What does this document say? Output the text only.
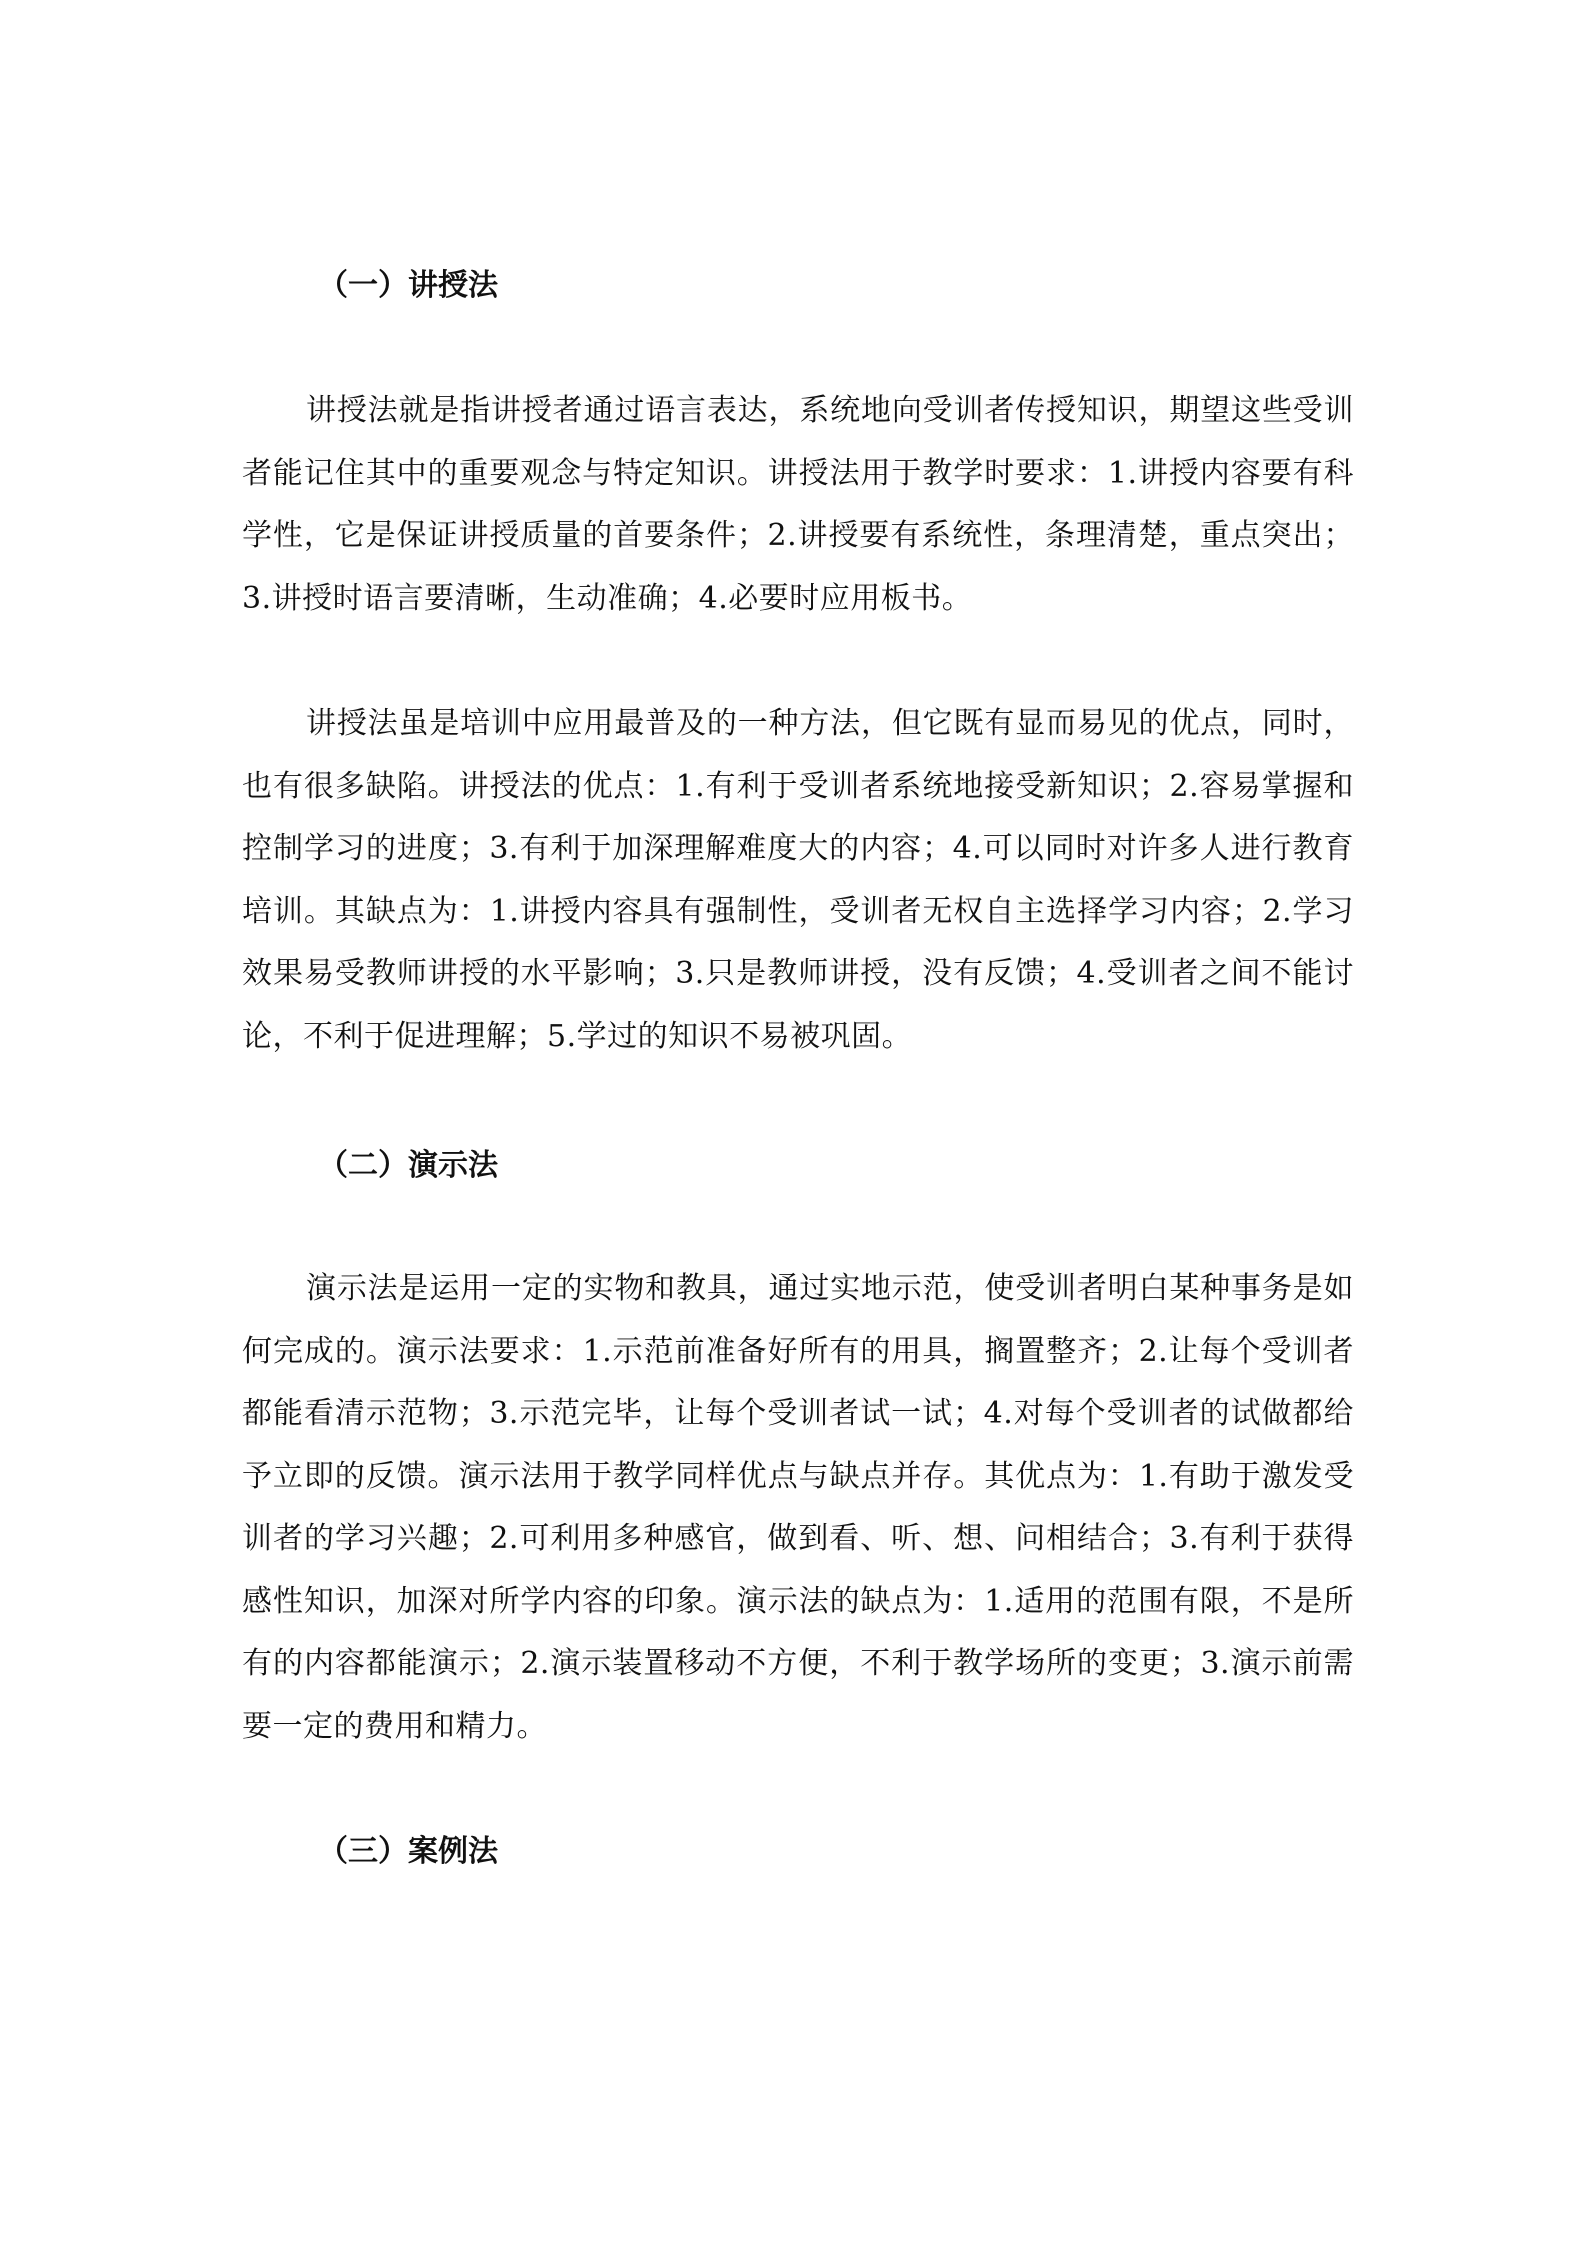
（一）讲授法

讲授法就是指讲授者通过语言表达，系统地向受训者传授知识，期望这些受训者能记住其中的重要观念与特定知识。讲授法用于教学时要求：1.讲授内容要有科学性，它是保证讲授质量的首要条件；2.讲授要有系统性，条理清楚，重点突出；3.讲授时语言要清晰，生动准确；4.必要时应用板书。

讲授法虽是培训中应用最普及的一种方法，但它既有显而易见的优点，同时，也有很多缺陷。讲授法的优点：1.有利于受训者系统地接受新知识；2.容易掌握和控制学习的进度；3.有利于加深理解难度大的内容；4.可以同时对许多人进行教育培训。其缺点为：1.讲授内容具有强制性，受训者无权自主选择学习内容；2.学习效果易受教师讲授的水平影响；3.只是教师讲授，没有反馈；4.受训者之间不能讨论，不利于促进理解；5.学过的知识不易被巩固。

（二）演示法

演示法是运用一定的实物和教具，通过实地示范，使受训者明白某种事务是如何完成的。演示法要求：1.示范前准备好所有的用具，搁置整齐；2.让每个受训者都能看清示范物；3.示范完毕，让每个受训者试一试；4.对每个受训者的试做都给予立即的反馈。演示法用于教学同样优点与缺点并存。其优点为：1.有助于激发受训者的学习兴趣；2.可利用多种感官，做到看、听、想、问相结合；3.有利于获得感性知识，加深对所学内容的印象。演示法的缺点为：1.适用的范围有限，不是所有的内容都能演示；2.演示装置移动不方便，不利于教学场所的变更；3.演示前需要一定的费用和精力。

（三）案例法
